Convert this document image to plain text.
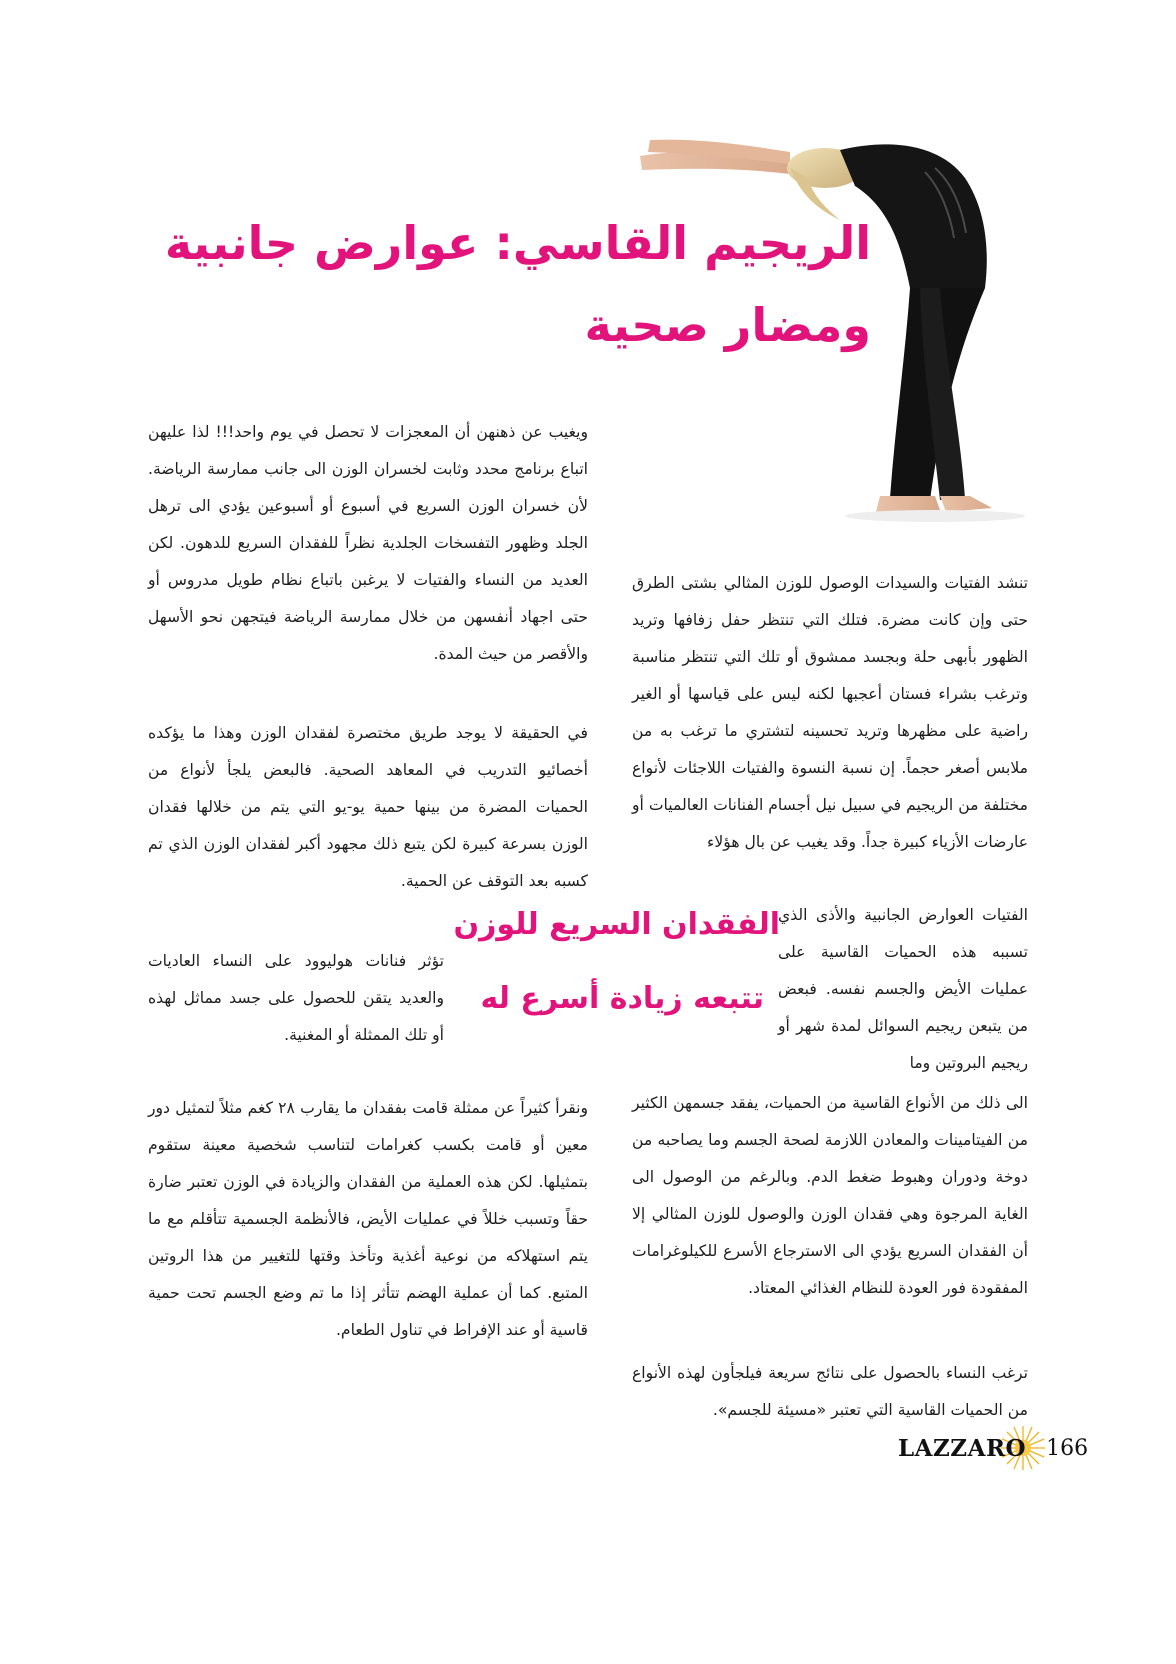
الريجيم القاسي: عوارض جانبية
ومضار صحية

ويغيب عن ذهنهن أن المعجزات لا تحصل في يوم واحد!!! لذا عليهن اتباع برنامج محدد وثابت لخسران الوزن الى جانب ممارسة الرياضة. لأن خسران الوزن السريع في أسبوع أو أسبوعين يؤدي الى ترهل الجلد وظهور التفسخات الجلدية نظراً للفقدان السريع للدهون. لكن العديد من النساء والفتيات لا يرغبن باتباع نظام طويل مدروس أو حتى اجهاد أنفسهن من خلال ممارسة الرياضة فيتجهن نحو الأسهل والأقصر من حيث المدة.

في الحقيقة لا يوجد طريق مختصرة لفقدان الوزن وهذا ما يؤكده أخصائيو التدريب في المعاهد الصحية. فالبعض يلجأ لأنواع من الحميات المضرة من بينها حمية يو-يو التي يتم من خلالها فقدان الوزن بسرعة كبيرة لكن يتبع ذلك مجهود أكبر لفقدان الوزن الذي تم كسبه بعد التوقف عن الحمية.

الفقدان السريع للوزن
تتبعه زيادة أسرع له

تؤثر فنانات هوليوود على النساء العاديات والعديد يتقن للحصول على جسد مماثل لهذه أو تلك الممثلة أو المغنية.

ونقرأ كثيراً عن ممثلة قامت بفقدان ما يقارب ٢٨ كغم مثلاً لتمثيل دور معين أو قامت بكسب كغرامات لتناسب شخصية معينة ستقوم بتمثيلها. لكن هذه العملية من الفقدان والزيادة في الوزن تعتبر ضارة حقاً وتسبب خللاً في عمليات الأيض، فالأنظمة الجسمية تتأقلم مع ما يتم استهلاكه من نوعية أغذية وتأخذ وقتها للتغيير من هذا الروتين المتبع. كما أن عملية الهضم تتأثر إذا ما تم وضع الجسم تحت حمية قاسية أو عند الإفراط في تناول الطعام.

تنشد الفتيات والسيدات الوصول للوزن المثالي بشتى الطرق حتى وإن كانت مضرة. فتلك التي تنتظر حفل زفافها وتريد الظهور بأبهى حلة وبجسد ممشوق أو تلك التي تنتظر مناسبة وترغب بشراء فستان أعجبها لكنه ليس على قياسها أو الغير راضية على مظهرها وتريد تحسينه لتشتري ما ترغب به من ملابس أصغر حجماً. إن نسبة النسوة والفتيات اللاجئات لأنواع مختلفة من الريجيم في سبيل نيل أجسام الفنانات العالميات أو عارضات الأزياء كبيرة جداً. وقد يغيب عن بال هؤلاء

الفتيات العوارض الجانبية والأذى الذي تسببه هذه الحميات القاسية على عمليات الأيض والجسم نفسه. فبعض من يتبعن ريجيم السوائل لمدة شهر أو ريجيم البروتين وما

الى ذلك من الأنواع القاسية من الحميات، يفقد جسمهن الكثير من الفيتامينات والمعادن اللازمة لصحة الجسم وما يصاحبه من دوخة ودوران وهبوط ضغط الدم. وبالرغم من الوصول الى الغاية المرجوة وهي فقدان الوزن والوصول للوزن المثالي إلا أن الفقدان السريع يؤدي الى الاسترجاع الأسرع للكيلوغرامات المفقودة فور العودة للنظام الغذائي المعتاد.

ترغب النساء بالحصول على نتائج سريعة فيلجأون لهذه الأنواع من الحميات القاسية التي تعتبر «مسيئة للجسم».

LAZZARO 166
